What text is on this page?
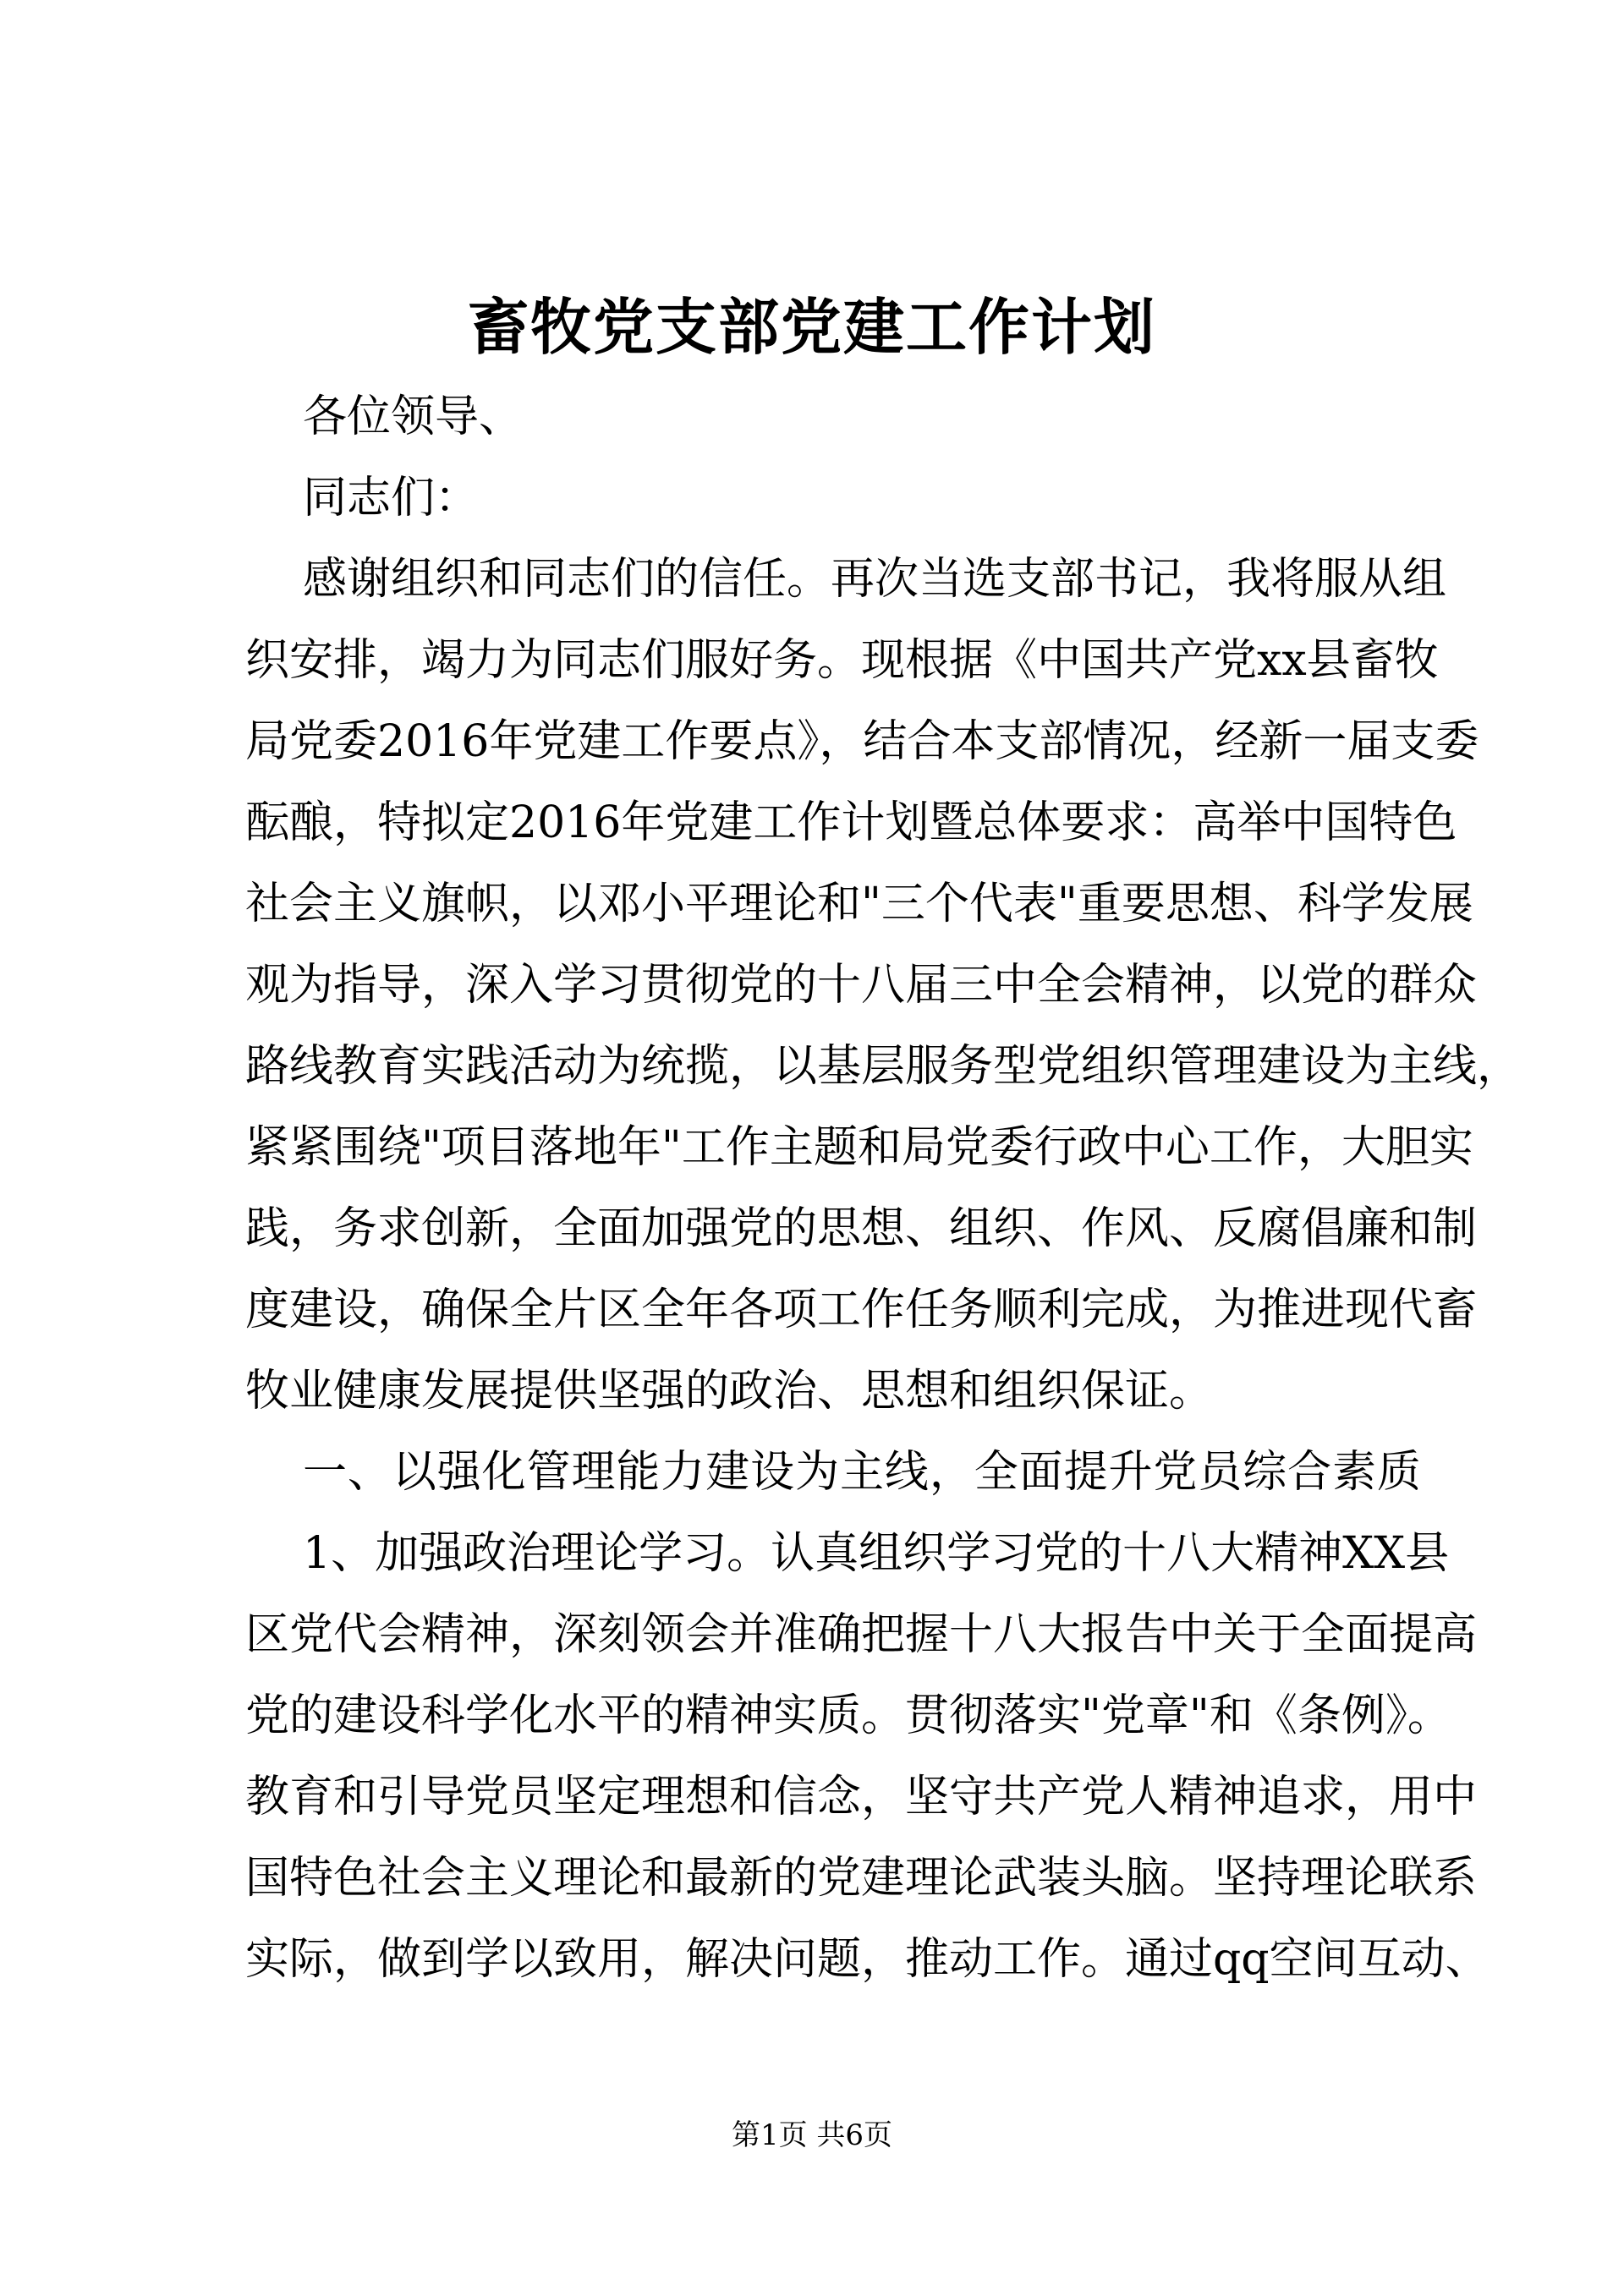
畜牧党支部党建工作计划
各位领导、
同志们：
感谢组织和同志们的信任。再次当选支部书记，我将服从组
织安排，竭力为同志们服好务。现根据《中国共产党xx县畜牧
局党委2016年党建工作要点》，结合本支部情况，经新一届支委
酝酿，特拟定2016年党建工作计划暨总体要求：高举中国特色
社会主义旗帜，以邓小平理论和"三个代表"重要思想、科学发展
观为指导，深入学习贯彻党的十八届三中全会精神，以党的群众
路线教育实践活动为统揽，以基层服务型党组织管理建设为主线，
紧紧围绕"项目落地年"工作主题和局党委行政中心工作，大胆实
践，务求创新，全面加强党的思想、组织、作风、反腐倡廉和制
度建设，确保全片区全年各项工作任务顺利完成，为推进现代畜
牧业健康发展提供坚强的政治、思想和组织保证。
一、以强化管理能力建设为主线，全面提升党员综合素质
1、加强政治理论学习。认真组织学习党的十八大精神XX县
区党代会精神，深刻领会并准确把握十八大报告中关于全面提高
党的建设科学化水平的精神实质。贯彻落实"党章"和《条例》。
教育和引导党员坚定理想和信念，坚守共产党人精神追求，用中
国特色社会主义理论和最新的党建理论武装头脑。坚持理论联系
实际，做到学以致用，解决问题，推动工作。通过qq空间互动、
第1页 共6页
